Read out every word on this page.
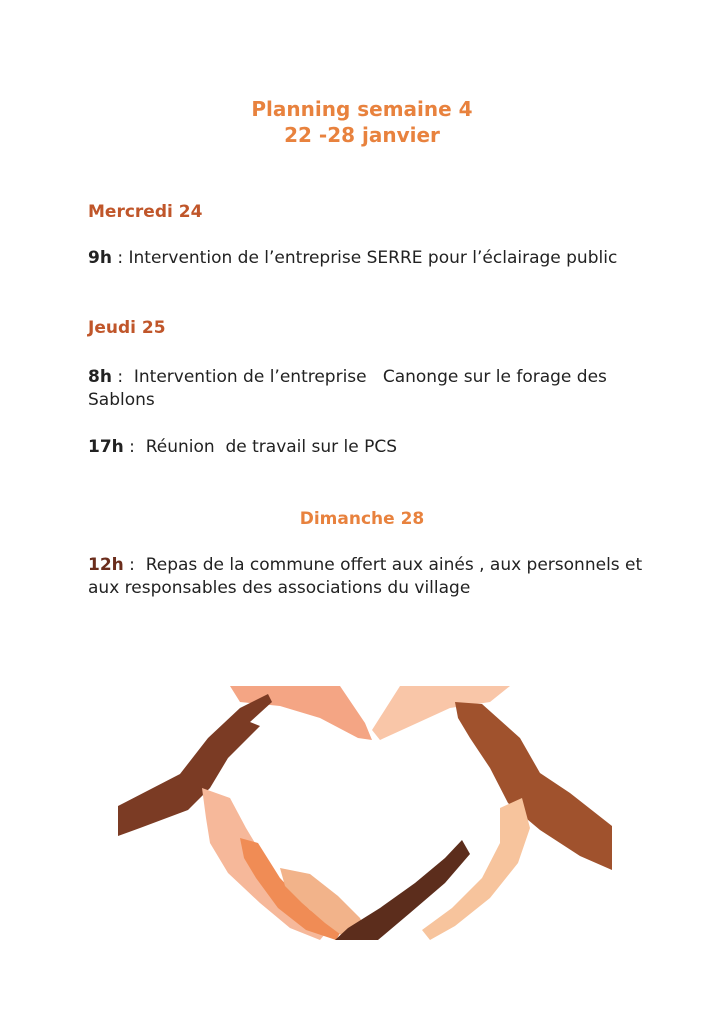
Planning semaine 4
22 -28 janvier
Mercredi 24
9h : Intervention de l’entreprise SERRE pour l’éclairage public
Jeudi 25
8h :  Intervention de l’entreprise   Canonge sur le forage des Sablons
17h :  Réunion  de travail sur le PCS
Dimanche 28
12h :  Repas de la commune offert aux ainés , aux personnels et aux responsables des associations du village
